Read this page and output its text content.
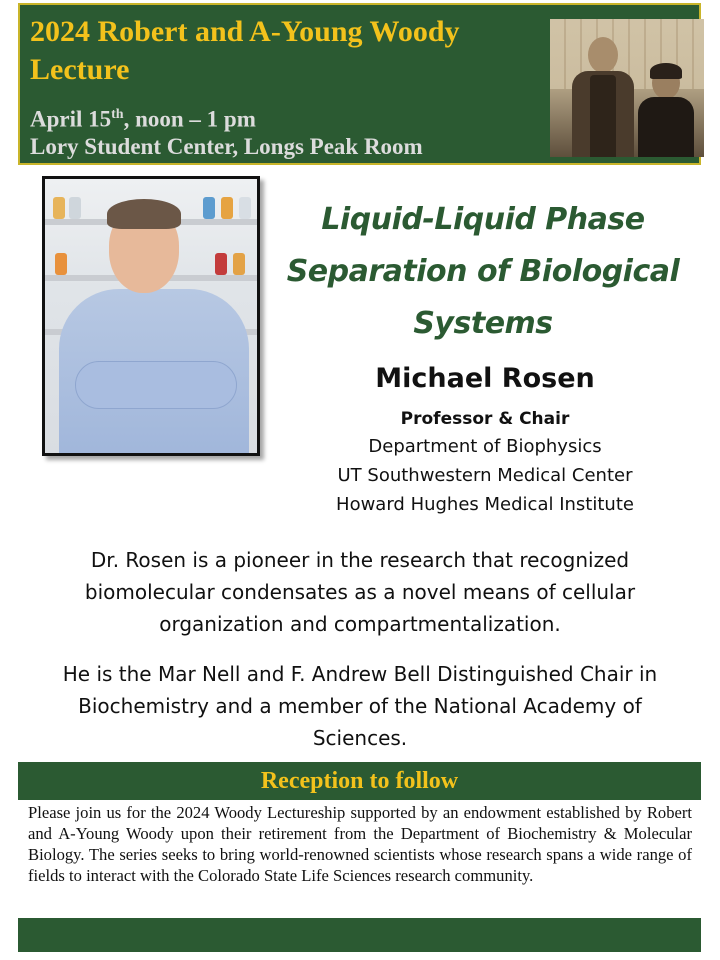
2024 Robert and A-Young Woody Lecture
April 15th, noon – 1 pm
Lory Student Center, Longs Peak Room
Liquid-Liquid Phase Separation of Biological Systems
Michael Rosen
Professor & Chair
Department of Biophysics
UT Southwestern Medical Center
Howard Hughes Medical Institute

Dr. Rosen is a pioneer in the research that recognized biomolecular condensates as a novel means of cellular organization and compartmentalization.

He is the Mar Nell and F. Andrew Bell Distinguished Chair in Biochemistry and a member of the National Academy of Sciences.

Reception to follow

Please join us for the 2024 Woody Lectureship supported by an endowment established by Robert and A-Young Woody upon their retirement from the Department of Biochemistry & Molecular Biology. The series seeks to bring world-renowned scientists whose research spans a wide range of fields to interact with the Colorado State Life Sciences research community.
